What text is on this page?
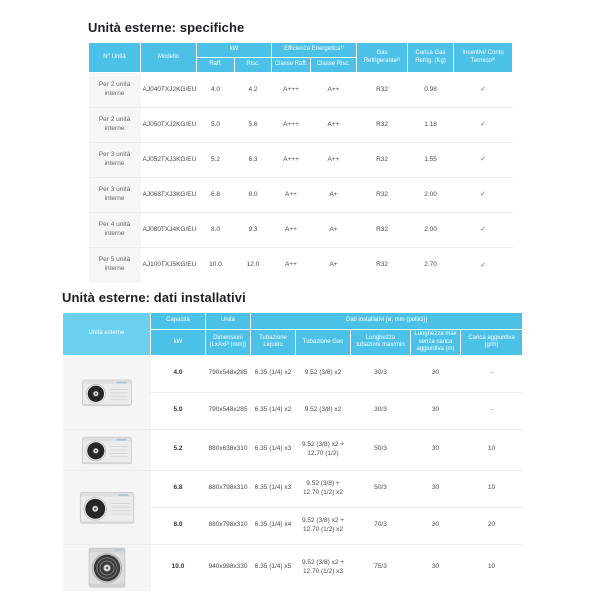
Unità esterne: specifiche
N° Unità	Modello	kW		Efficienza Energetica¹⁾		Gas Refrigerante²⁾	Carica Gas Refrig. (Kg)	Incentivi/ Conto Termico³⁾
		Raff.	Risc.	Classe Raff.	Classe Risc.			
Per 2 unità interne	AJ040TXJ2KG/EU	4.0	4.2	A+++	A++	R32	0.98	✓
Per 2 unità interne	AJ050TXJ2KG/EU	5.0	5.6	A+++	A++	R32	1.18	✓
Per 3 unità interne	AJ052TXJ3KG/EU	5.2	6.3	A+++	A++	R32	1.55	✓
Per 3 unità interne	AJ068TXJ3KG/EU	6.8	8.0	A++	A+	R32	2.00	✓
Per 4 unità interne	AJ080TXJ4KG/EU	8.0	9.3	A++	A+	R32	2.00	✓
Per 5 unità interne	AJ100TXJ5KG/EU	10.0	12.0	A++	A+	R32	2.70	✓
Unità esterne: dati installativi
Unità esterne	Capacità	Unità	Dati installativi [ø, mm (pollici)]				
	kW	Dimensioni (LxAxP (mm))	Tubazione Liquido	Tubazione Gas	Lunghezza tubazioni max/min	Lunghezza max senza carica aggiuntiva (m)	Carica aggiuntiva (g/m)

	4.0	790x548x285	6.35 (1/4) x2	9.52 (3/8) x2	30/3	30	-
	5.0	790x548x285	6.35 (1/4) x2	9.52 (3/8) x2	30/3	30	-

	5.2	880x638x310	6.35 (1/4) x3	9.52 (3/8) x2 + 12.70 (1/2)	50/3	30	10

	6.8	880x798x310	6.35 (1/4) x3	9.52 (3/8) + 12.70 (1/2) x2	50/3	30	10
	8.0	880x798x310	6.35 (1/4) x4	9.52 (3/8) x2 + 12.70 (1/2) x2	70/3	30	20

	10.0	940x998x330	6.35 (1/4) x5	9.52 (3/8) x2 + 12.70 (1/2) x3	75/3	30	10
